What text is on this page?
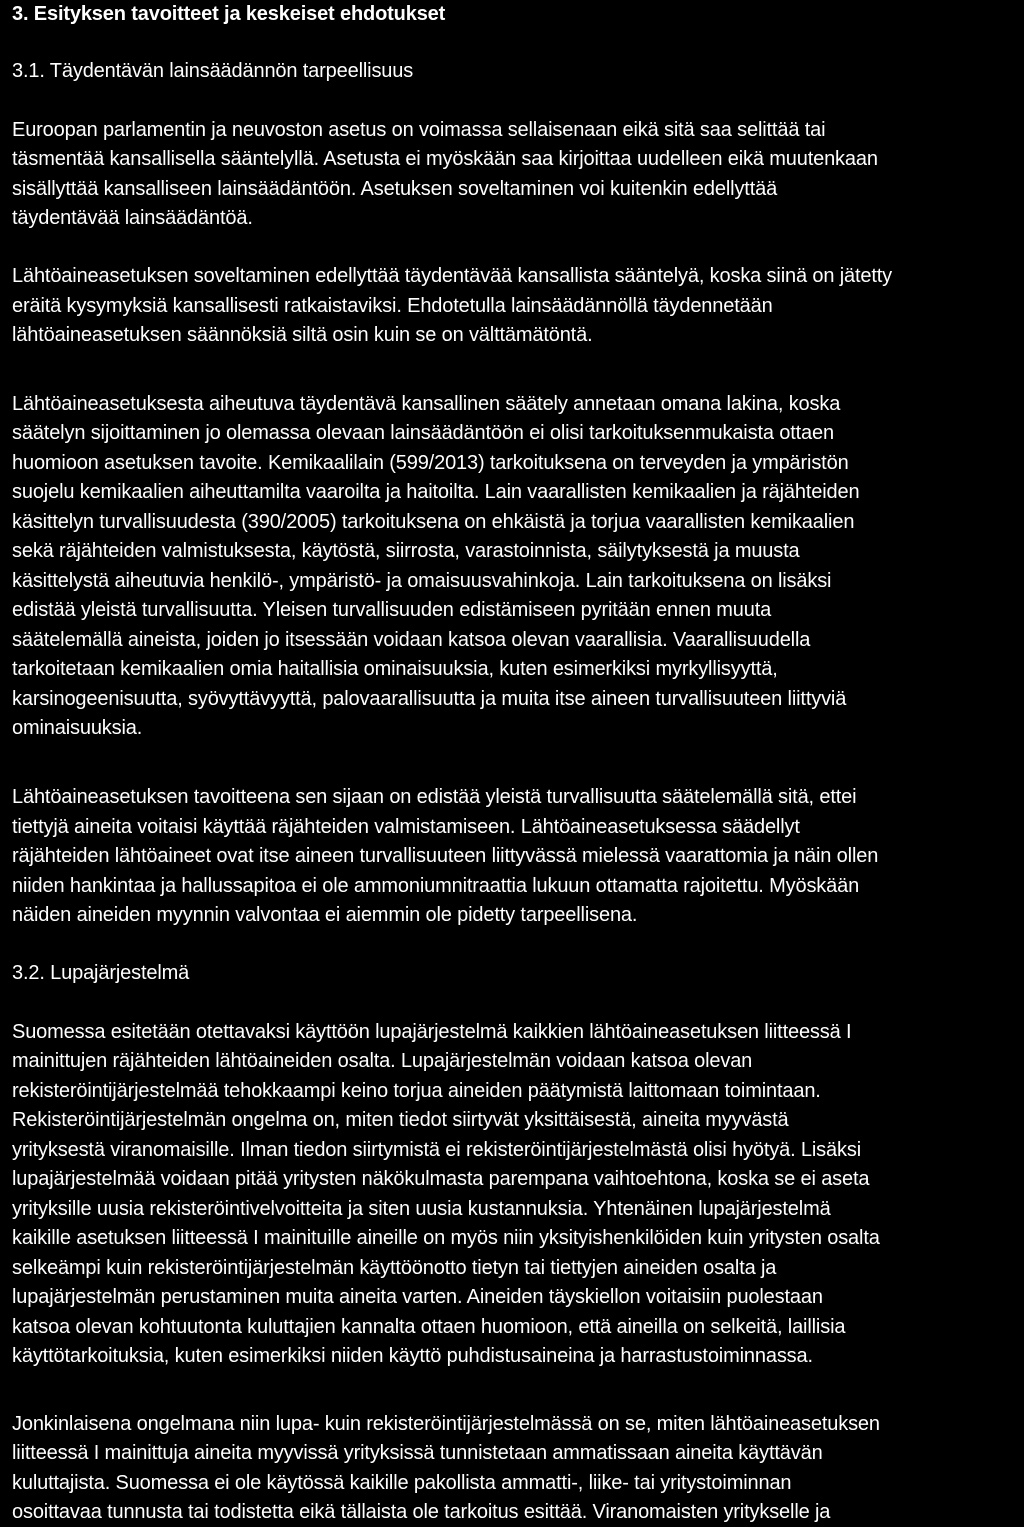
3. Esityksen tavoitteet ja keskeiset ehdotukset
3.1. Täydentävän lainsäädännön tarpeellisuus
Euroopan parlamentin ja neuvoston asetus on voimassa sellaisenaan eikä sitä saa selittää tai
täsmentää kansallisella sääntelyllä. Asetusta ei myöskään saa kirjoittaa uudelleen eikä muutenkaan
sisällyttää kansalliseen lainsäädäntöön. Asetuksen soveltaminen voi kuitenkin edellyttää
täydentävää lainsäädäntöä.
Lähtöaineasetuksen soveltaminen edellyttää täydentävää kansallista sääntelyä, koska siinä on jätetty
eräitä kysymyksiä kansallisesti ratkaistaviksi. Ehdotetulla lainsäädännöllä täydennetään
lähtöaineasetuksen säännöksiä siltä osin kuin se on välttämätöntä.
Lähtöaineasetuksesta aiheutuva täydentävä kansallinen säätely annetaan omana lakina, koska
säätelyn sijoittaminen jo olemassa olevaan lainsäädäntöön ei olisi tarkoituksenmukaista ottaen
huomioon asetuksen tavoite. Kemikaalilain (599/2013) tarkoituksena on terveyden ja ympäristön
suojelu kemikaalien aiheuttamilta vaaroilta ja haitoilta. Lain vaarallisten kemikaalien ja räjähteiden
käsittelyn turvallisuudesta (390/2005) tarkoituksena on ehkäistä ja torjua vaarallisten kemikaalien
sekä räjähteiden valmistuksesta, käytöstä, siirrosta, varastoinnista, säilytyksestä ja muusta
käsittelystä aiheutuvia henkilö-, ympäristö- ja omaisuusvahinkoja. Lain tarkoituksena on lisäksi
edistää yleistä turvallisuutta. Yleisen turvallisuuden edistämiseen pyritään ennen muuta
säätelemällä aineista, joiden jo itsessään voidaan katsoa olevan vaarallisia. Vaarallisuudella
tarkoitetaan kemikaalien omia haitallisia ominaisuuksia, kuten esimerkiksi myrkyllisyyttä,
karsinogeenisuutta, syövyttävyyttä, palovaarallisuutta ja muita itse aineen turvallisuuteen liittyviä
ominaisuuksia.
Lähtöaineasetuksen tavoitteena sen sijaan on edistää yleistä turvallisuutta säätelemällä sitä, ettei
tiettyjä aineita voitaisi käyttää räjähteiden valmistamiseen. Lähtöaineasetuksessa säädellyt
räjähteiden lähtöaineet ovat itse aineen turvallisuuteen liittyvässä mielessä vaarattomia ja näin ollen
niiden hankintaa ja hallussapitoa ei ole ammoniumnitraattia lukuun ottamatta rajoitettu. Myöskään
näiden aineiden myynnin valvontaa ei aiemmin ole pidetty tarpeellisena.
3.2. Lupajärjestelmä
Suomessa esitetään otettavaksi käyttöön lupajärjestelmä kaikkien lähtöaineasetuksen liitteessä I
mainittujen räjähteiden lähtöaineiden osalta. Lupajärjestelmän voidaan katsoa olevan
rekisteröintijärjestelmää tehokkaampi keino torjua aineiden päätymistä laittomaan toimintaan.
Rekisteröintijärjestelmän ongelma on, miten tiedot siirtyvät yksittäisestä, aineita myyvästä
yrityksestä viranomaisille. Ilman tiedon siirtymistä ei rekisteröintijärjestelmästä olisi hyötyä. Lisäksi
lupajärjestelmää voidaan pitää yritysten näkökulmasta parempana vaihtoehtona, koska se ei aseta
yrityksille uusia rekisteröintivelvoitteita ja siten uusia kustannuksia. Yhtenäinen lupajärjestelmä
kaikille asetuksen liitteessä I mainituille aineille on myös niin yksityishenkilöiden kuin yritysten osalta
selkeämpi kuin rekisteröintijärjestelmän käyttöönotto tietyn tai tiettyjen aineiden osalta ja
lupajärjestelmän perustaminen muita aineita varten. Aineiden täyskiellon voitaisiin puolestaan
katsoa olevan kohtuutonta kuluttajien kannalta ottaen huomioon, että aineilla on selkeitä, laillisia
käyttötarkoituksia, kuten esimerkiksi niiden käyttö puhdistusaineina ja harrastustoiminnassa.
Jonkinlaisena ongelmana niin lupa- kuin rekisteröintijärjestelmässä on se, miten lähtöaineasetuksen
liitteessä I mainittuja aineita myyvissä yrityksissä tunnistetaan ammatissaan aineita käyttävän
kuluttajista. Suomessa ei ole käytössä kaikille pakollista ammatti-, liike- tai yritystoiminnan
osoittavaa tunnusta tai todistetta eikä tällaista ole tarkoitus esittää. Viranomaisten yritykselle ja
